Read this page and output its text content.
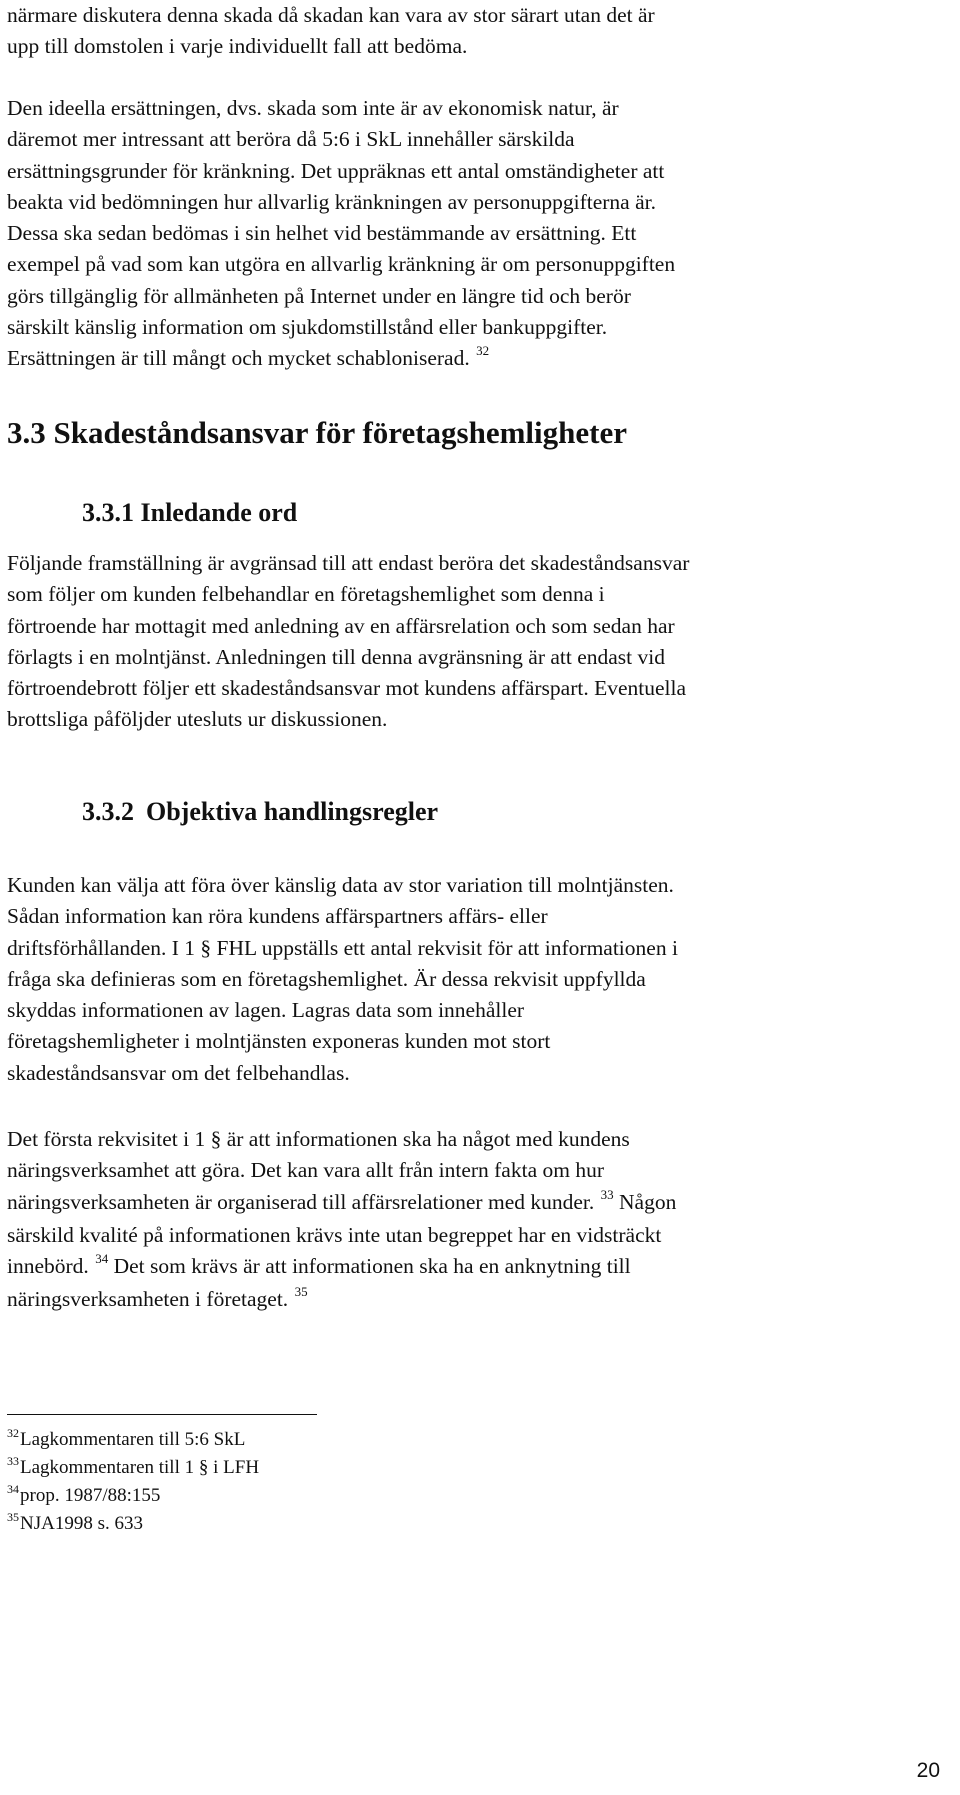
närmare diskutera denna skada då skadan kan vara av stor särart utan det är
upp till domstolen i varje individuellt fall att bedöma.

Den ideella ersättningen, dvs. skada som inte är av ekonomisk natur, är
däremot mer intressant att beröra då 5:6 i SkL innehåller särskilda
ersättningsgrunder för kränkning. Det uppräknas ett antal omständigheter att
beakta vid bedömningen hur allvarlig kränkningen av personuppgifterna är.
Dessa ska sedan bedömas i sin helhet vid bestämmande av ersättning. Ett
exempel på vad som kan utgöra en allvarlig kränkning är om personuppgiften
görs tillgänglig för allmänheten på Internet under en längre tid och berör
särskilt känslig information om sjukdomstillstånd eller bankuppgifter.
Ersättningen är till mångt och mycket schabloniserad. $^{32}$

3.3 Skadeståndsansvar för företagshemligheter
3.3.1 Inledande ord

Följande framställning är avgränsad till att endast beröra det skadeståndsansvar
som följer om kunden felbehandlar en företagshemlighet som denna i
förtroende har mottagit med anledning av en affärsrelation och som sedan har
förlagts i en molntjänst. Anledningen till denna avgränsning är att endast vid
förtroendebrott följer ett skadeståndsansvar mot kundens affärspart. Eventuella
brottsliga påföljder utesluts ur diskussionen.

3.3.2 Objektiva handlingsregler

Kunden kan välja att föra över känslig data av stor variation till molntjänsten.
Sådan information kan röra kundens affärspartners affärs- eller
driftsförhållanden. I 1 § FHL uppställs ett antal rekvisit för att informationen i
fråga ska definieras som en företagshemlighet. Är dessa rekvisit uppfyllda
skyddas informationen av lagen. Lagras data som innehåller
företagshemligheter i molntjänsten exponeras kunden mot stort
skadeståndsansvar om det felbehandlas.

Det första rekvisitet i 1 § är att informationen ska ha något med kundens
näringsverksamhet att göra. Det kan vara allt från intern fakta om hur
näringsverksamheten är organiserad till affärsrelationer med kunder. $^{33}$ Någon
särskild kvalité på informationen krävs inte utan begreppet har en vidsträckt
innebörd. $^{34}$ Det som krävs är att informationen ska ha en anknytning till
näringsverksamheten i företaget. $^{35}$

$^{32}$Lagkommentaren till 5:6 SkL
$^{33}$Lagkommentaren till 1 § i LFH
$^{34}$prop. 1987/88:155
$^{35}$NJA1998 s. 633
20
